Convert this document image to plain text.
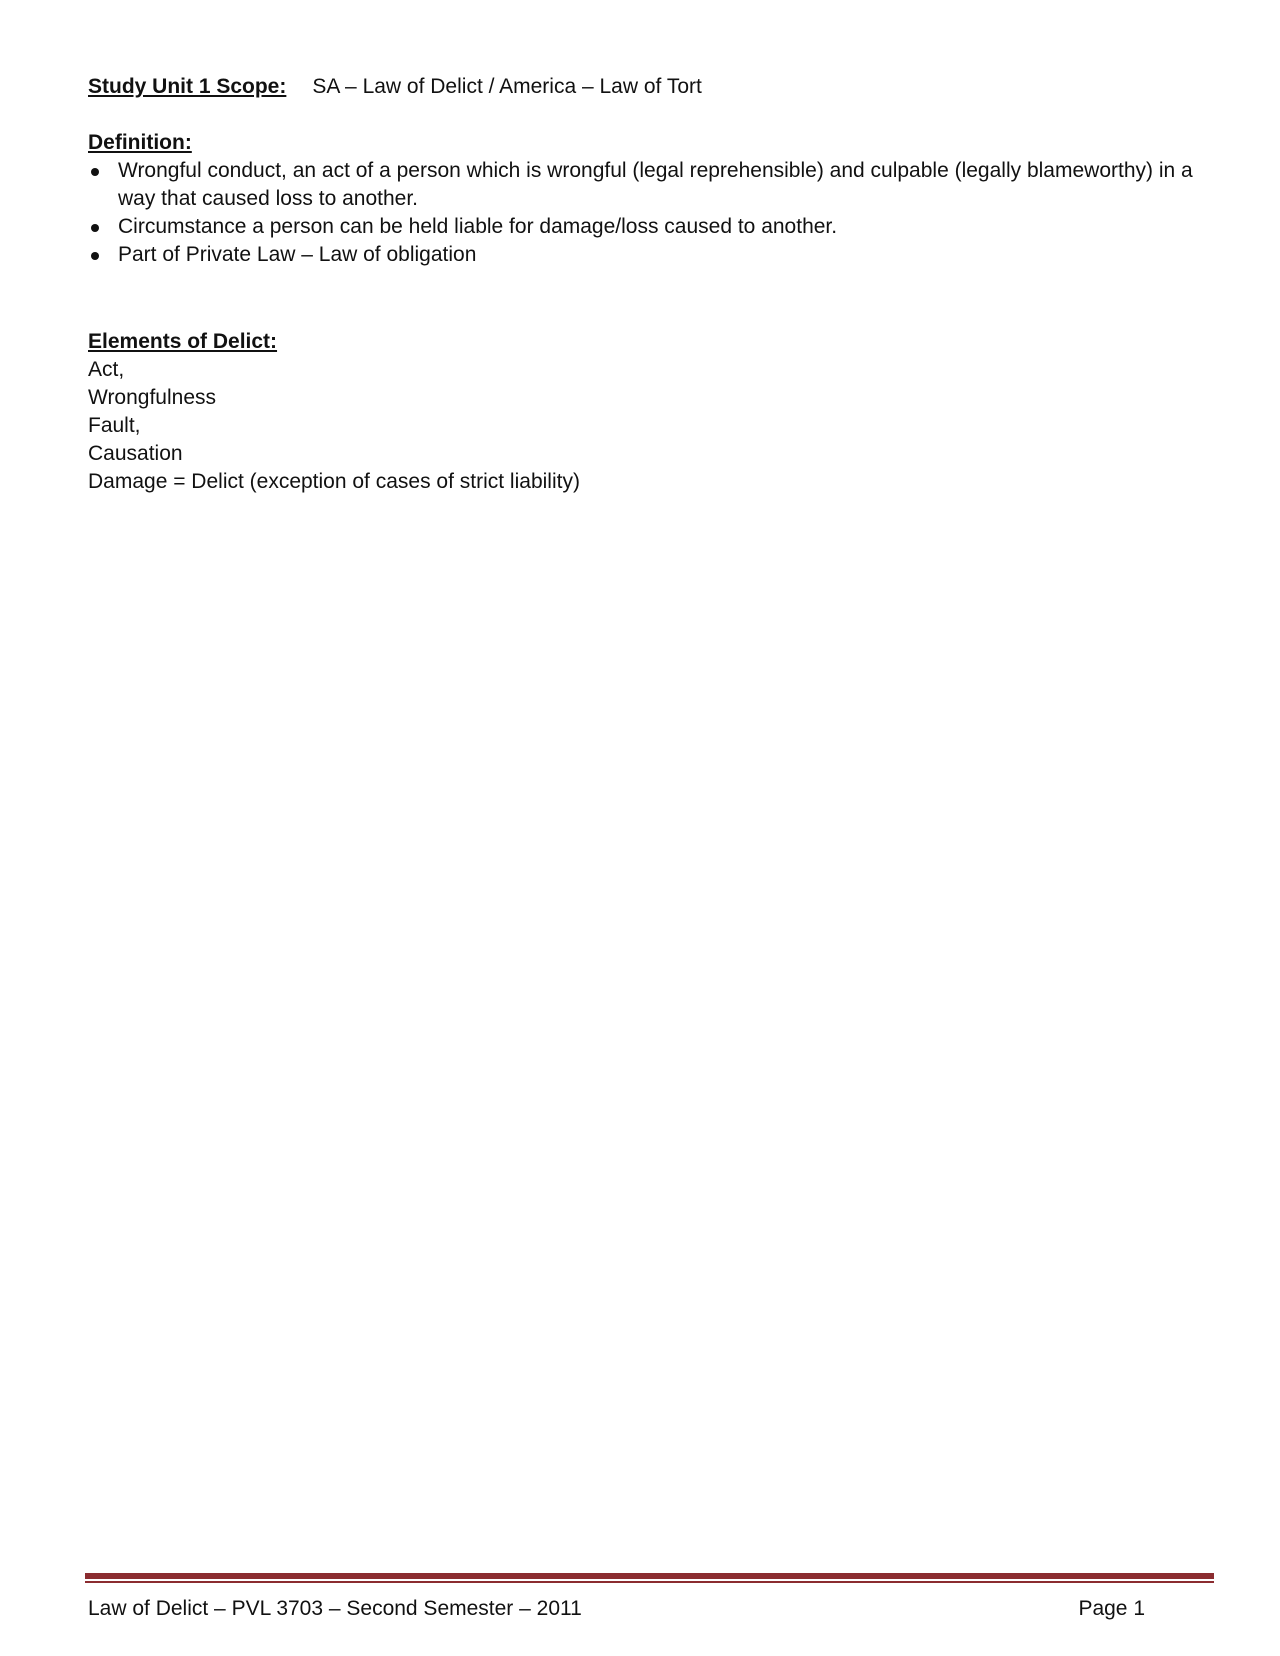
Study Unit 1 Scope: SA – Law of Delict / America – Law of Tort
Definition:
Wrongful conduct, an act of a person which is wrongful (legal reprehensible) and culpable (legally blameworthy) in a way that caused loss to another.
Circumstance a person can be held liable for damage/loss caused to another.
Part of Private Law – Law of obligation
Elements of Delict:
Act,
Wrongfulness
Fault,
Causation
Damage = Delict (exception of cases of strict liability)
Law of Delict – PVL 3703 – Second Semester – 2011	Page 1
